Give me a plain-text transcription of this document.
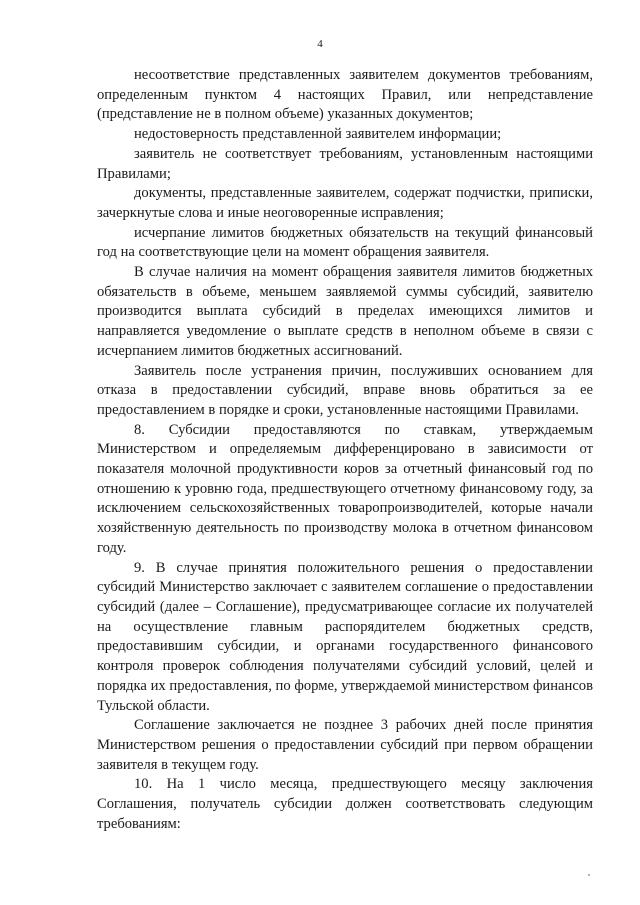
4

несоответствие представленных заявителем документов требованиям, определенным пунктом 4 настоящих Правил, или непредставление (представление не в полном объеме) указанных документов;

недостоверность представленной заявителем информации;

заявитель не соответствует требованиям, установленным настоящими Правилами;

документы, представленные заявителем, содержат подчистки, приписки, зачеркнутые слова и иные неоговоренные исправления;

исчерпание лимитов бюджетных обязательств на текущий финансовый год на соответствующие цели на момент обращения заявителя.

В случае наличия на момент обращения заявителя лимитов бюджетных обязательств в объеме, меньшем заявляемой суммы субсидий, заявителю производится выплата субсидий в пределах имеющихся лимитов и направляется уведомление о выплате средств в неполном объеме в связи с исчерпанием лимитов бюджетных ассигнований.

Заявитель после устранения причин, послуживших основанием для отказа в предоставлении субсидий, вправе вновь обратиться за ее предоставлением в порядке и сроки, установленные настоящими Правилами.

8. Субсидии предоставляются по ставкам, утверждаемым Министерством и определяемым дифференцировано в зависимости от показателя молочной продуктивности коров за отчетный финансовый год по отношению к уровню года, предшествующего отчетному финансовому году, за исключением сельскохозяйственных товаропроизводителей, которые начали хозяйственную деятельность по производству молока в отчетном финансовом году.

9. В случае принятия положительного решения о предоставлении субсидий Министерство заключает с заявителем соглашение о предоставлении субсидий (далее – Соглашение), предусматривающее согласие их получателей на осуществление главным распорядителем бюджетных средств, предоставившим субсидии, и органами государственного финансового контроля проверок соблюдения получателями субсидий условий, целей и порядка их предоставления, по форме, утверждаемой министерством финансов Тульской области.

Соглашение заключается не позднее 3 рабочих дней после принятия Министерством решения о предоставлении субсидий при первом обращении заявителя в текущем году.

10. На 1 число месяца, предшествующего месяцу заключения Соглашения, получатель субсидии должен соответствовать следующим требованиям:
